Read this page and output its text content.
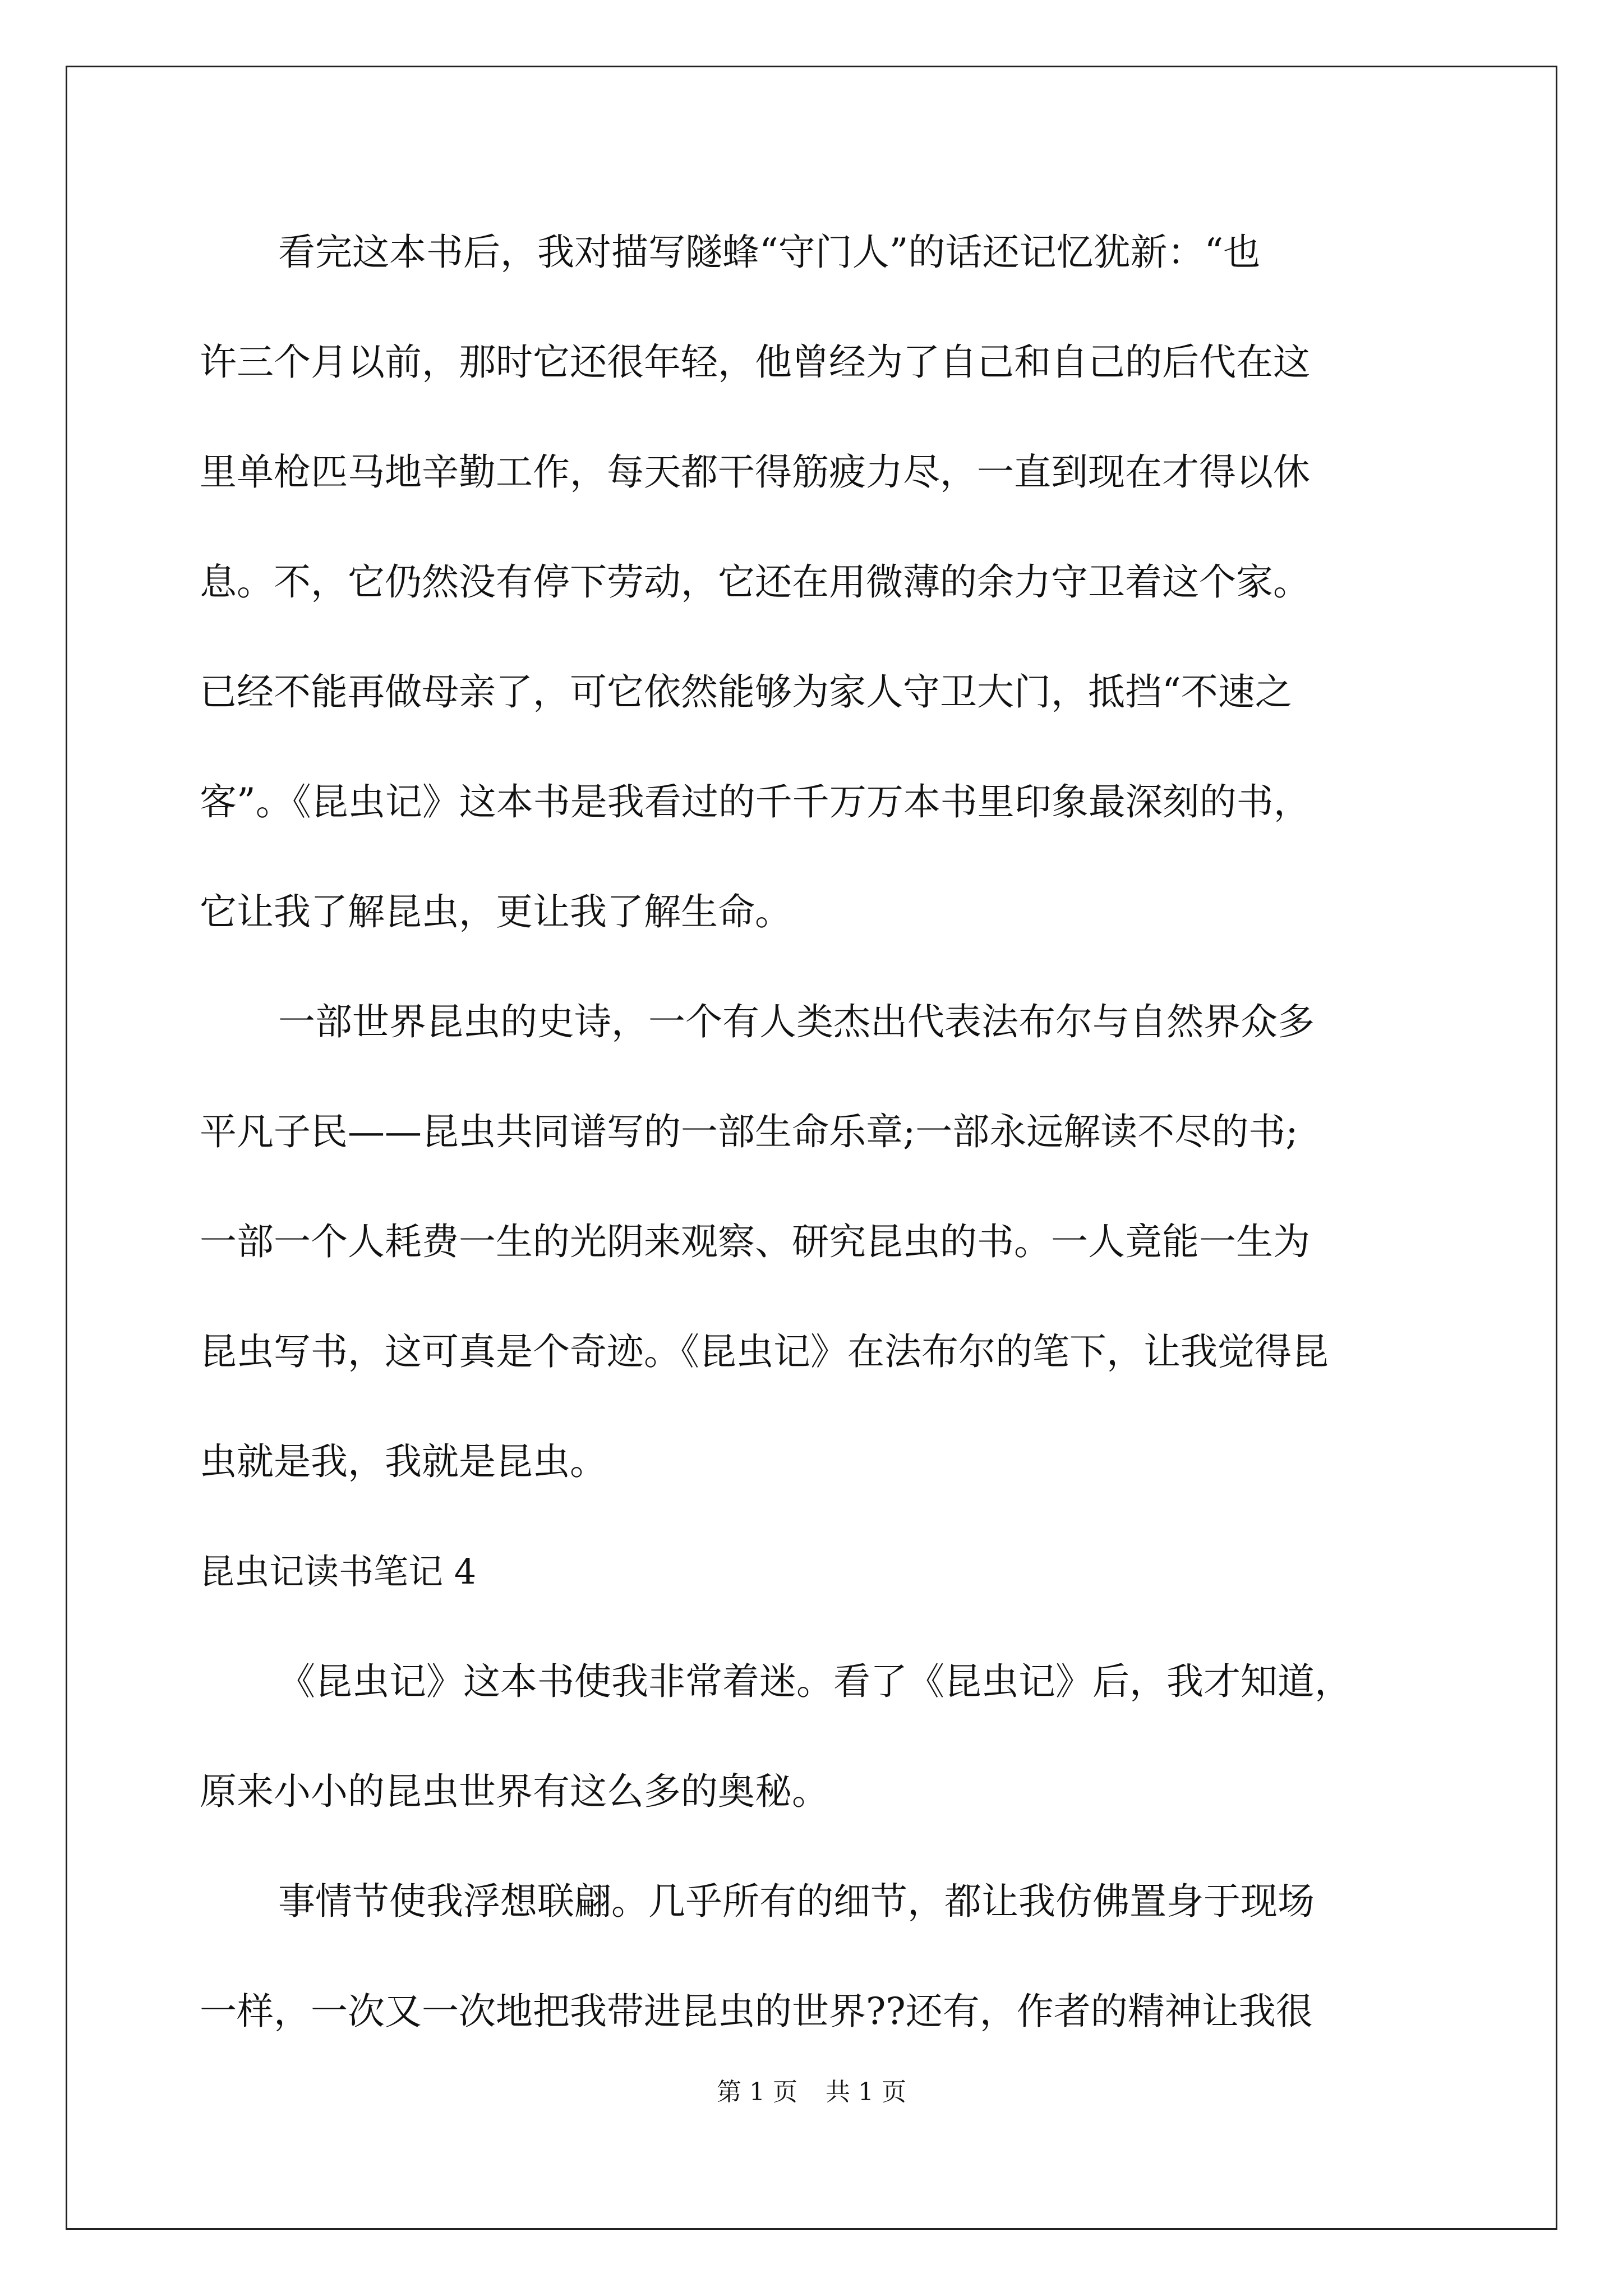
看完这本书后，我对描写隧蜂“守门人”的话还记忆犹新：“也
许三个月以前，那时它还很年轻，他曾经为了自己和自己的后代在这
里单枪匹马地辛勤工作，每天都干得筋疲力尽，一直到现在才得以休
息。不，它仍然没有停下劳动，它还在用微薄的余力守卫着这个家。
已经不能再做母亲了，可它依然能够为家人守卫大门，抵挡“不速之
客”。《昆虫记》这本书是我看过的千千万万本书里印象最深刻的书，
它让我了解昆虫，更让我了解生命。
一部世界昆虫的史诗，一个有人类杰出代表法布尔与自然界众多
平凡子民——昆虫共同谱写的一部生命乐章;一部永远解读不尽的书;
一部一个人耗费一生的光阴来观察、研究昆虫的书。一人竟能一生为
昆虫写书，这可真是个奇迹。《昆虫记》在法布尔的笔下，让我觉得昆
虫就是我，我就是昆虫。
昆虫记读书笔记 4
《昆虫记》这本书使我非常着迷。看了《昆虫记》后，我才知道，
原来小小的昆虫世界有这么多的奥秘。
事情节使我浮想联翩。几乎所有的细节，都让我仿佛置身于现场
一样，一次又一次地把我带进昆虫的世界??还有，作者的精神让我很
第 1 页 共 1 页
